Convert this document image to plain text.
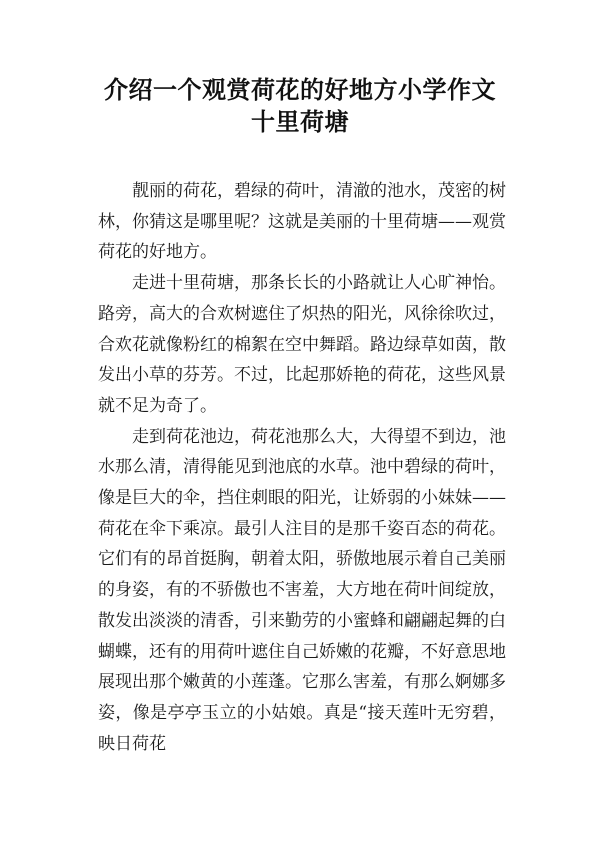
介绍一个观赏荷花的好地方小学作文
十里荷塘

靓丽的荷花，碧绿的荷叶，清澈的池水，茂密的树林，你猜这是哪里呢？这就是美丽的十里荷塘——观赏荷花的好地方。

走进十里荷塘，那条长长的小路就让人心旷神怡。路旁，高大的合欢树遮住了炽热的阳光，风徐徐吹过，合欢花就像粉红的棉絮在空中舞蹈。路边绿草如茵，散发出小草的芬芳。不过，比起那娇艳的荷花，这些风景就不足为奇了。

走到荷花池边，荷花池那么大，大得望不到边，池水那么清，清得能见到池底的水草。池中碧绿的荷叶，像是巨大的伞，挡住刺眼的阳光，让娇弱的小妹妹——荷花在伞下乘凉。最引人注目的是那千姿百态的荷花。它们有的昂首挺胸，朝着太阳，骄傲地展示着自己美丽的身姿，有的不骄傲也不害羞，大方地在荷叶间绽放，散发出淡淡的清香，引来勤劳的小蜜蜂和翩翩起舞的白蝴蝶，还有的用荷叶遮住自己娇嫩的花瓣，不好意思地展现出那个嫩黄的小莲蓬。它那么害羞，有那么婀娜多姿，像是亭亭玉立的小姑娘。真是“接天莲叶无穷碧，映日荷花
